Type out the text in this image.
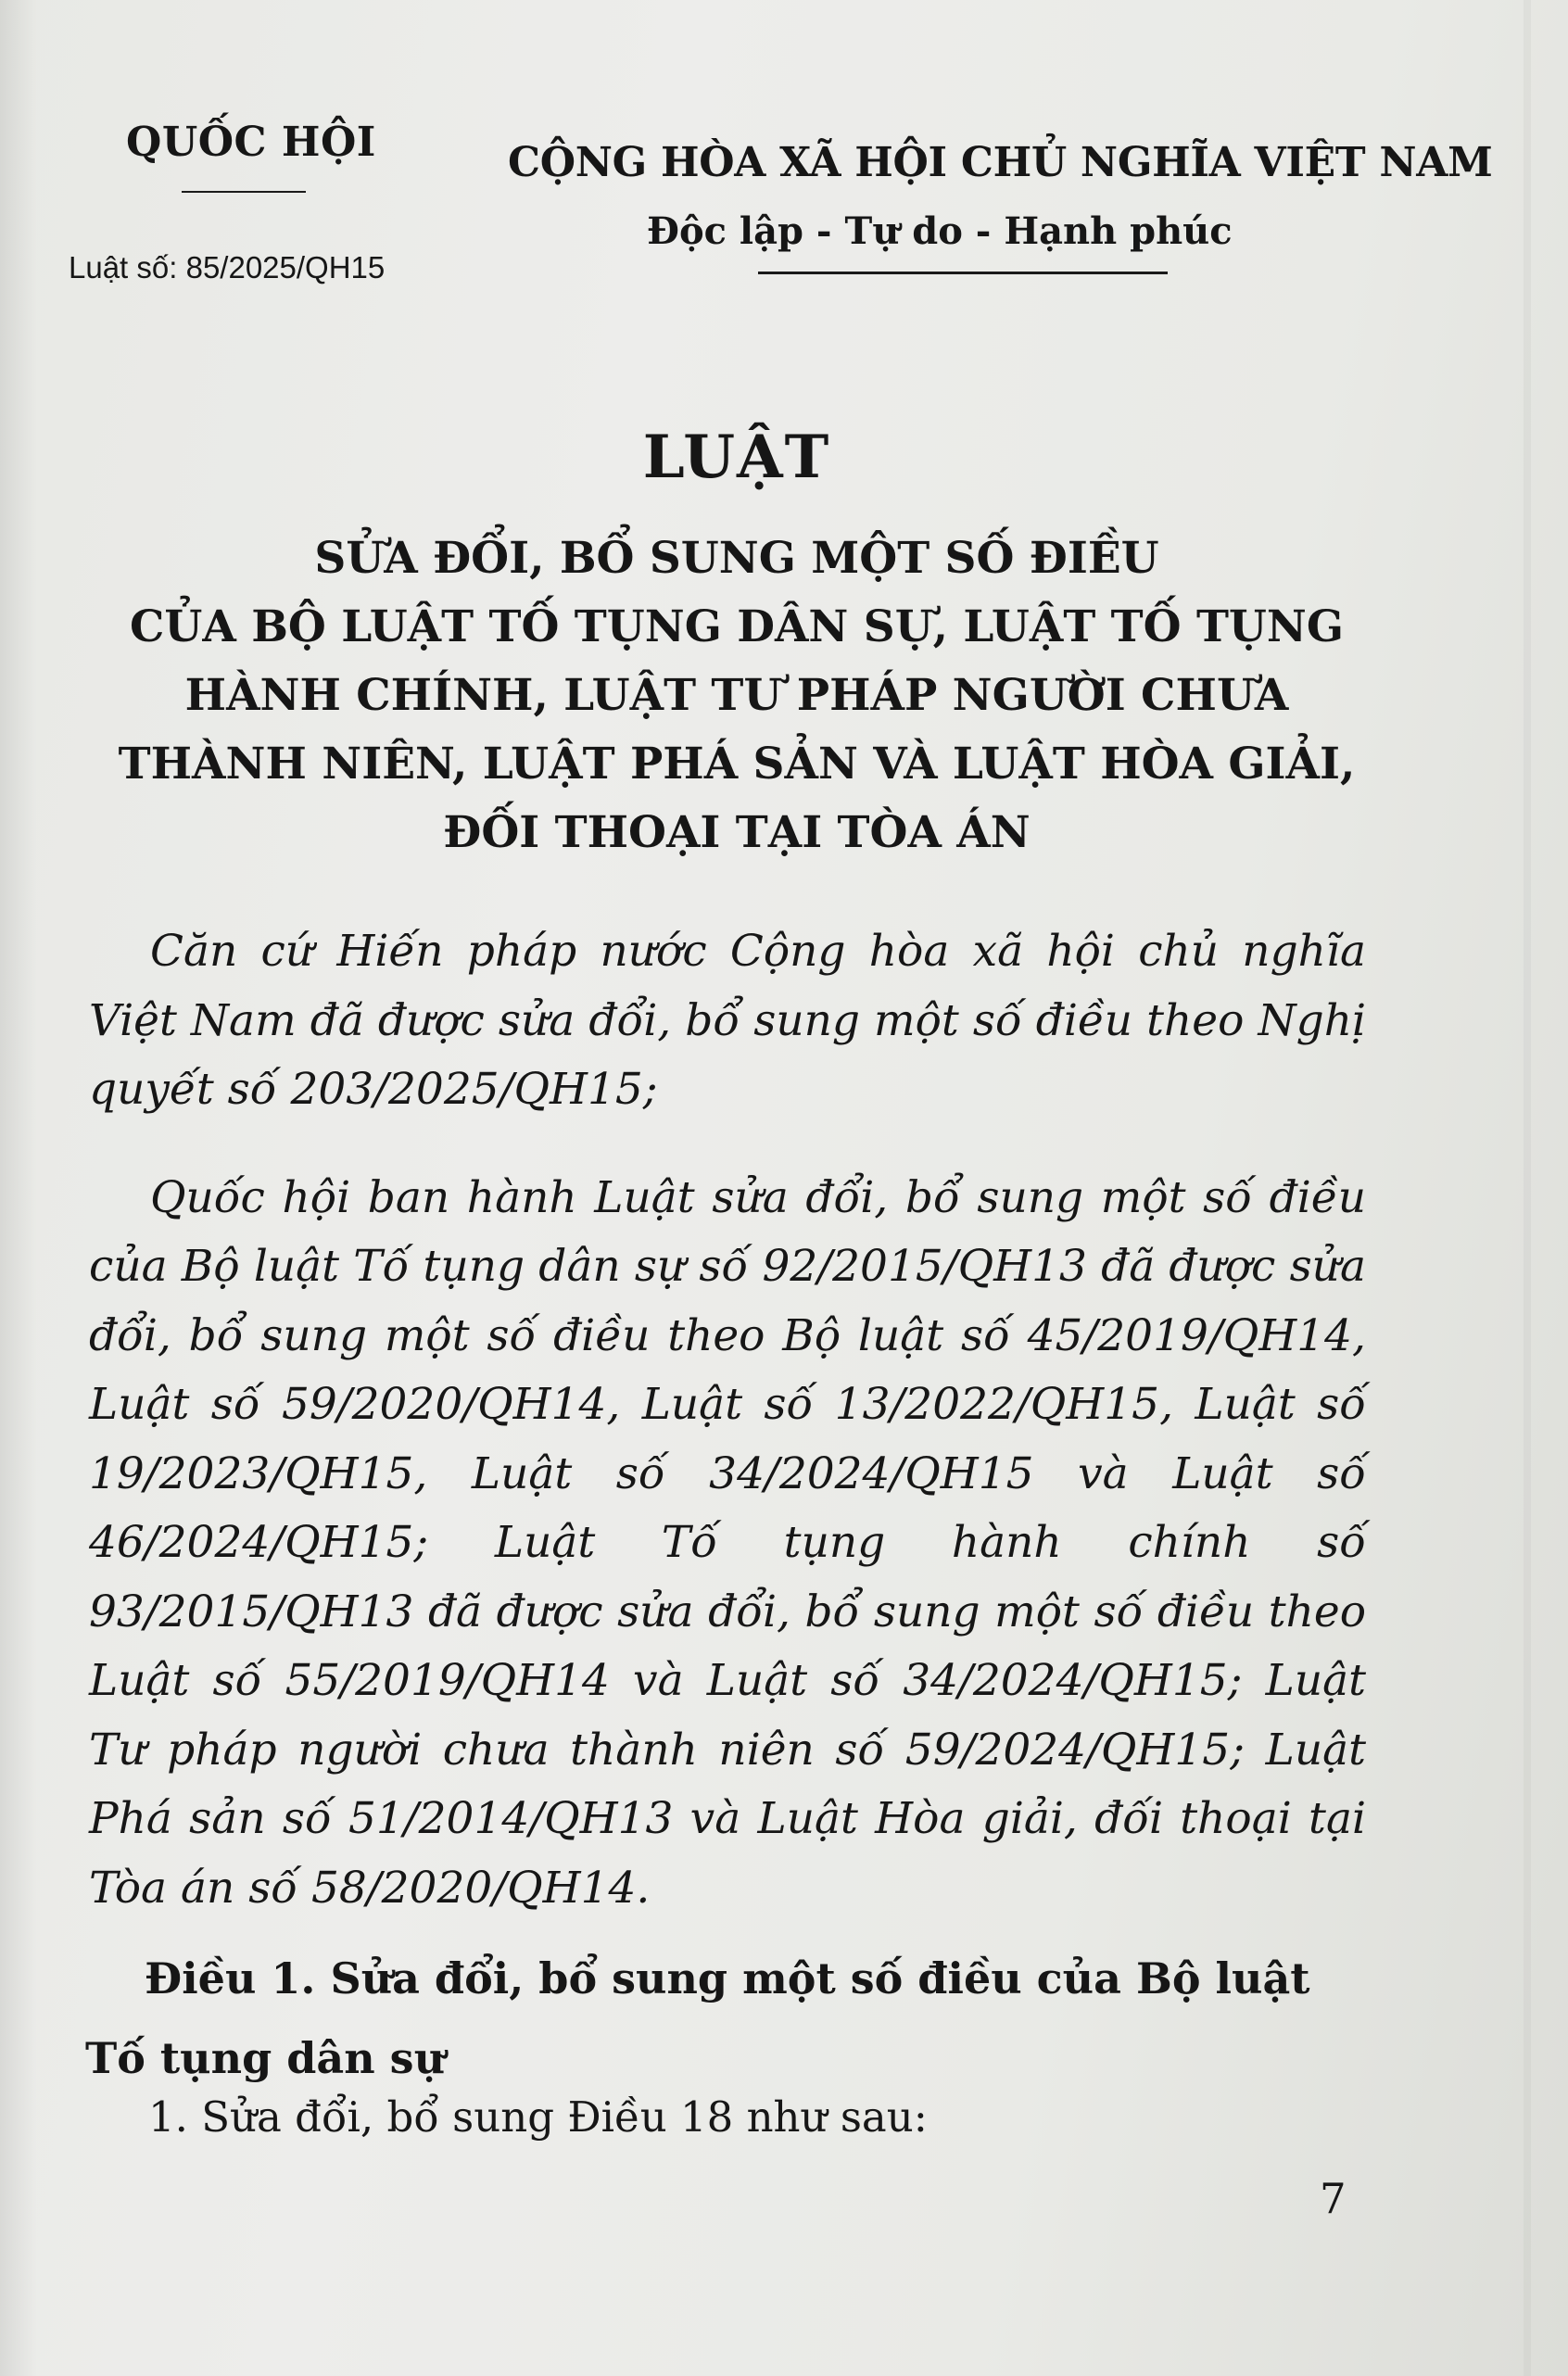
QUỐC HỘI
Luật số: 85/2025/QH15
CỘNG HÒA XÃ HỘI CHỦ NGHĨA VIỆT NAM
Độc lập - Tự do - Hạnh phúc
LUẬT
SỬA ĐỔI, BỔ SUNG MỘT SỐ ĐIỀU
CỦA BỘ LUẬT TỐ TỤNG DÂN SỰ, LUẬT TỐ TỤNG
HÀNH CHÍNH, LUẬT TƯ PHÁP NGƯỜI CHƯA
THÀNH NIÊN, LUẬT PHÁ SẢN VÀ LUẬT HÒA GIẢI,
ĐỐI THOẠI TẠI TÒA ÁN

Căn cứ Hiến pháp nước Cộng hòa xã hội chủ nghĩa Việt Nam đã được sửa đổi, bổ sung một số điều theo Nghị quyết số 203/2025/QH15;

Quốc hội ban hành Luật sửa đổi, bổ sung một số điều của Bộ luật Tố tụng dân sự số 92/2015/QH13 đã được sửa đổi, bổ sung một số điều theo Bộ luật số 45/2019/QH14, Luật số 59/2020/QH14, Luật số 13/2022/QH15, Luật số 19/2023/QH15, Luật số 34/2024/QH15 và Luật số 46/2024/QH15; Luật Tố tụng hành chính số 93/2015/QH13 đã được sửa đổi, bổ sung một số điều theo Luật số 55/2019/QH14 và Luật số 34/2024/QH15; Luật Tư pháp người chưa thành niên số 59/2024/QH15; Luật Phá sản số 51/2014/QH13 và Luật Hòa giải, đối thoại tại Tòa án số 58/2020/QH14.

Điều 1. Sửa đổi, bổ sung một số điều của Bộ luật
Tố tụng dân sự
1. Sửa đổi, bổ sung Điều 18 như sau:
7
